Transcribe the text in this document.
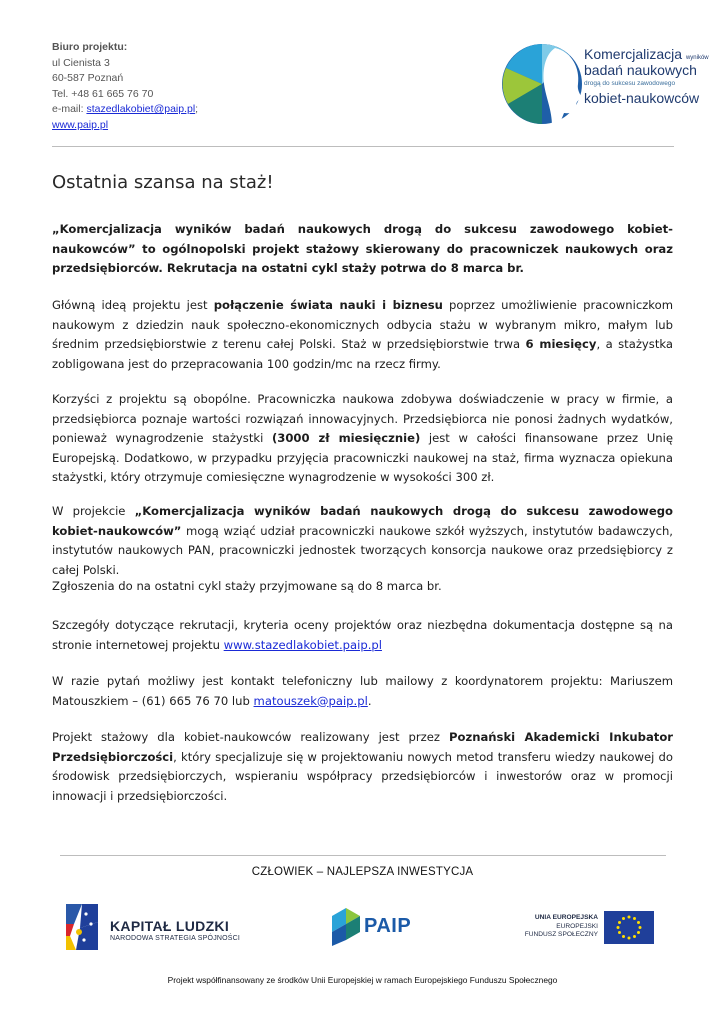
Biuro projektu:
ul Cienista 3
60-587 Poznań
Tel. +48 61 665 76 70
e-mail: stazedlakobiet@paip.pl;
www.paip.pl
Komercjalizacja wyników
badań naukowych
drogą do sukcesu zawodowego
kobiet-naukowców
Ostatnia szansa na staż!

„Komercjalizacja wyników badań naukowych drogą do sukcesu zawodowego kobiet-naukowców” to ogólnopolski projekt stażowy skierowany do pracowniczek naukowych oraz przedsiębiorców. Rekrutacja na ostatni cykl staży potrwa do 8 marca br.

Główną ideą projektu jest połączenie świata nauki i biznesu poprzez umożliwienie pracowniczkom naukowym z dziedzin nauk społeczno-ekonomicznych odbycia stażu w wybranym mikro, małym lub średnim przedsiębiorstwie z terenu całej Polski. Staż w przedsiębiorstwie trwa 6 miesięcy, a stażystka zobligowana jest do przepracowania 100 godzin/mc na rzecz firmy.

Korzyści z projektu są obopólne. Pracowniczka naukowa zdobywa doświadczenie w pracy w firmie, a przedsiębiorca poznaje wartości rozwiązań innowacyjnych. Przedsiębiorca nie ponosi żadnych wydatków, ponieważ wynagrodzenie stażystki (3000 zł miesięcznie) jest w całości finansowane przez Unię Europejską. Dodatkowo, w przypadku przyjęcia pracowniczki naukowej na staż, firma wyznacza opiekuna stażystki, który otrzymuje comiesięczne wynagrodzenie w wysokości 300 zł.

W projekcie „Komercjalizacja wyników badań naukowych drogą do sukcesu zawodowego kobiet-naukowców” mogą wziąć udział pracowniczki naukowe szkół wyższych, instytutów badawczych, instytutów naukowych PAN, pracowniczki jednostek tworzących konsorcja naukowe oraz przedsiębiorcy z całej Polski.

Zgłoszenia do na ostatni cykl staży przyjmowane są do 8 marca br.

Szczegóły dotyczące rekrutacji, kryteria oceny projektów oraz niezbędna dokumentacja dostępne są na stronie internetowej projektu www.stazedlakobiet.paip.pl

W razie pytań możliwy jest kontakt telefoniczny lub mailowy z koordynatorem projektu: Mariuszem Matouszkiem – (61) 665 76 70 lub matouszek@paip.pl.

Projekt stażowy dla kobiet-naukowców realizowany jest przez Poznański Akademicki Inkubator Przedsiębiorczości, który specjalizuje się w projektowaniu nowych metod transferu wiedzy naukowej do środowisk przedsiębiorczych, wspieraniu współpracy przedsiębiorców i inwestorów oraz w promocji innowacji i przedsiębiorczości.

CZŁOWIEK – NAJLEPSZA INWESTYCJA
KAPITAŁ LUDZKI
NARODOWA STRATEGIA SPÓJNOŚCI
PAIP	UNIA EUROPEJSKA
EUROPEJSKI
FUNDUSZ SPOŁECZNY
Projekt współfinansowany ze środków Unii Europejskiej w ramach Europejskiego Funduszu Społecznego
